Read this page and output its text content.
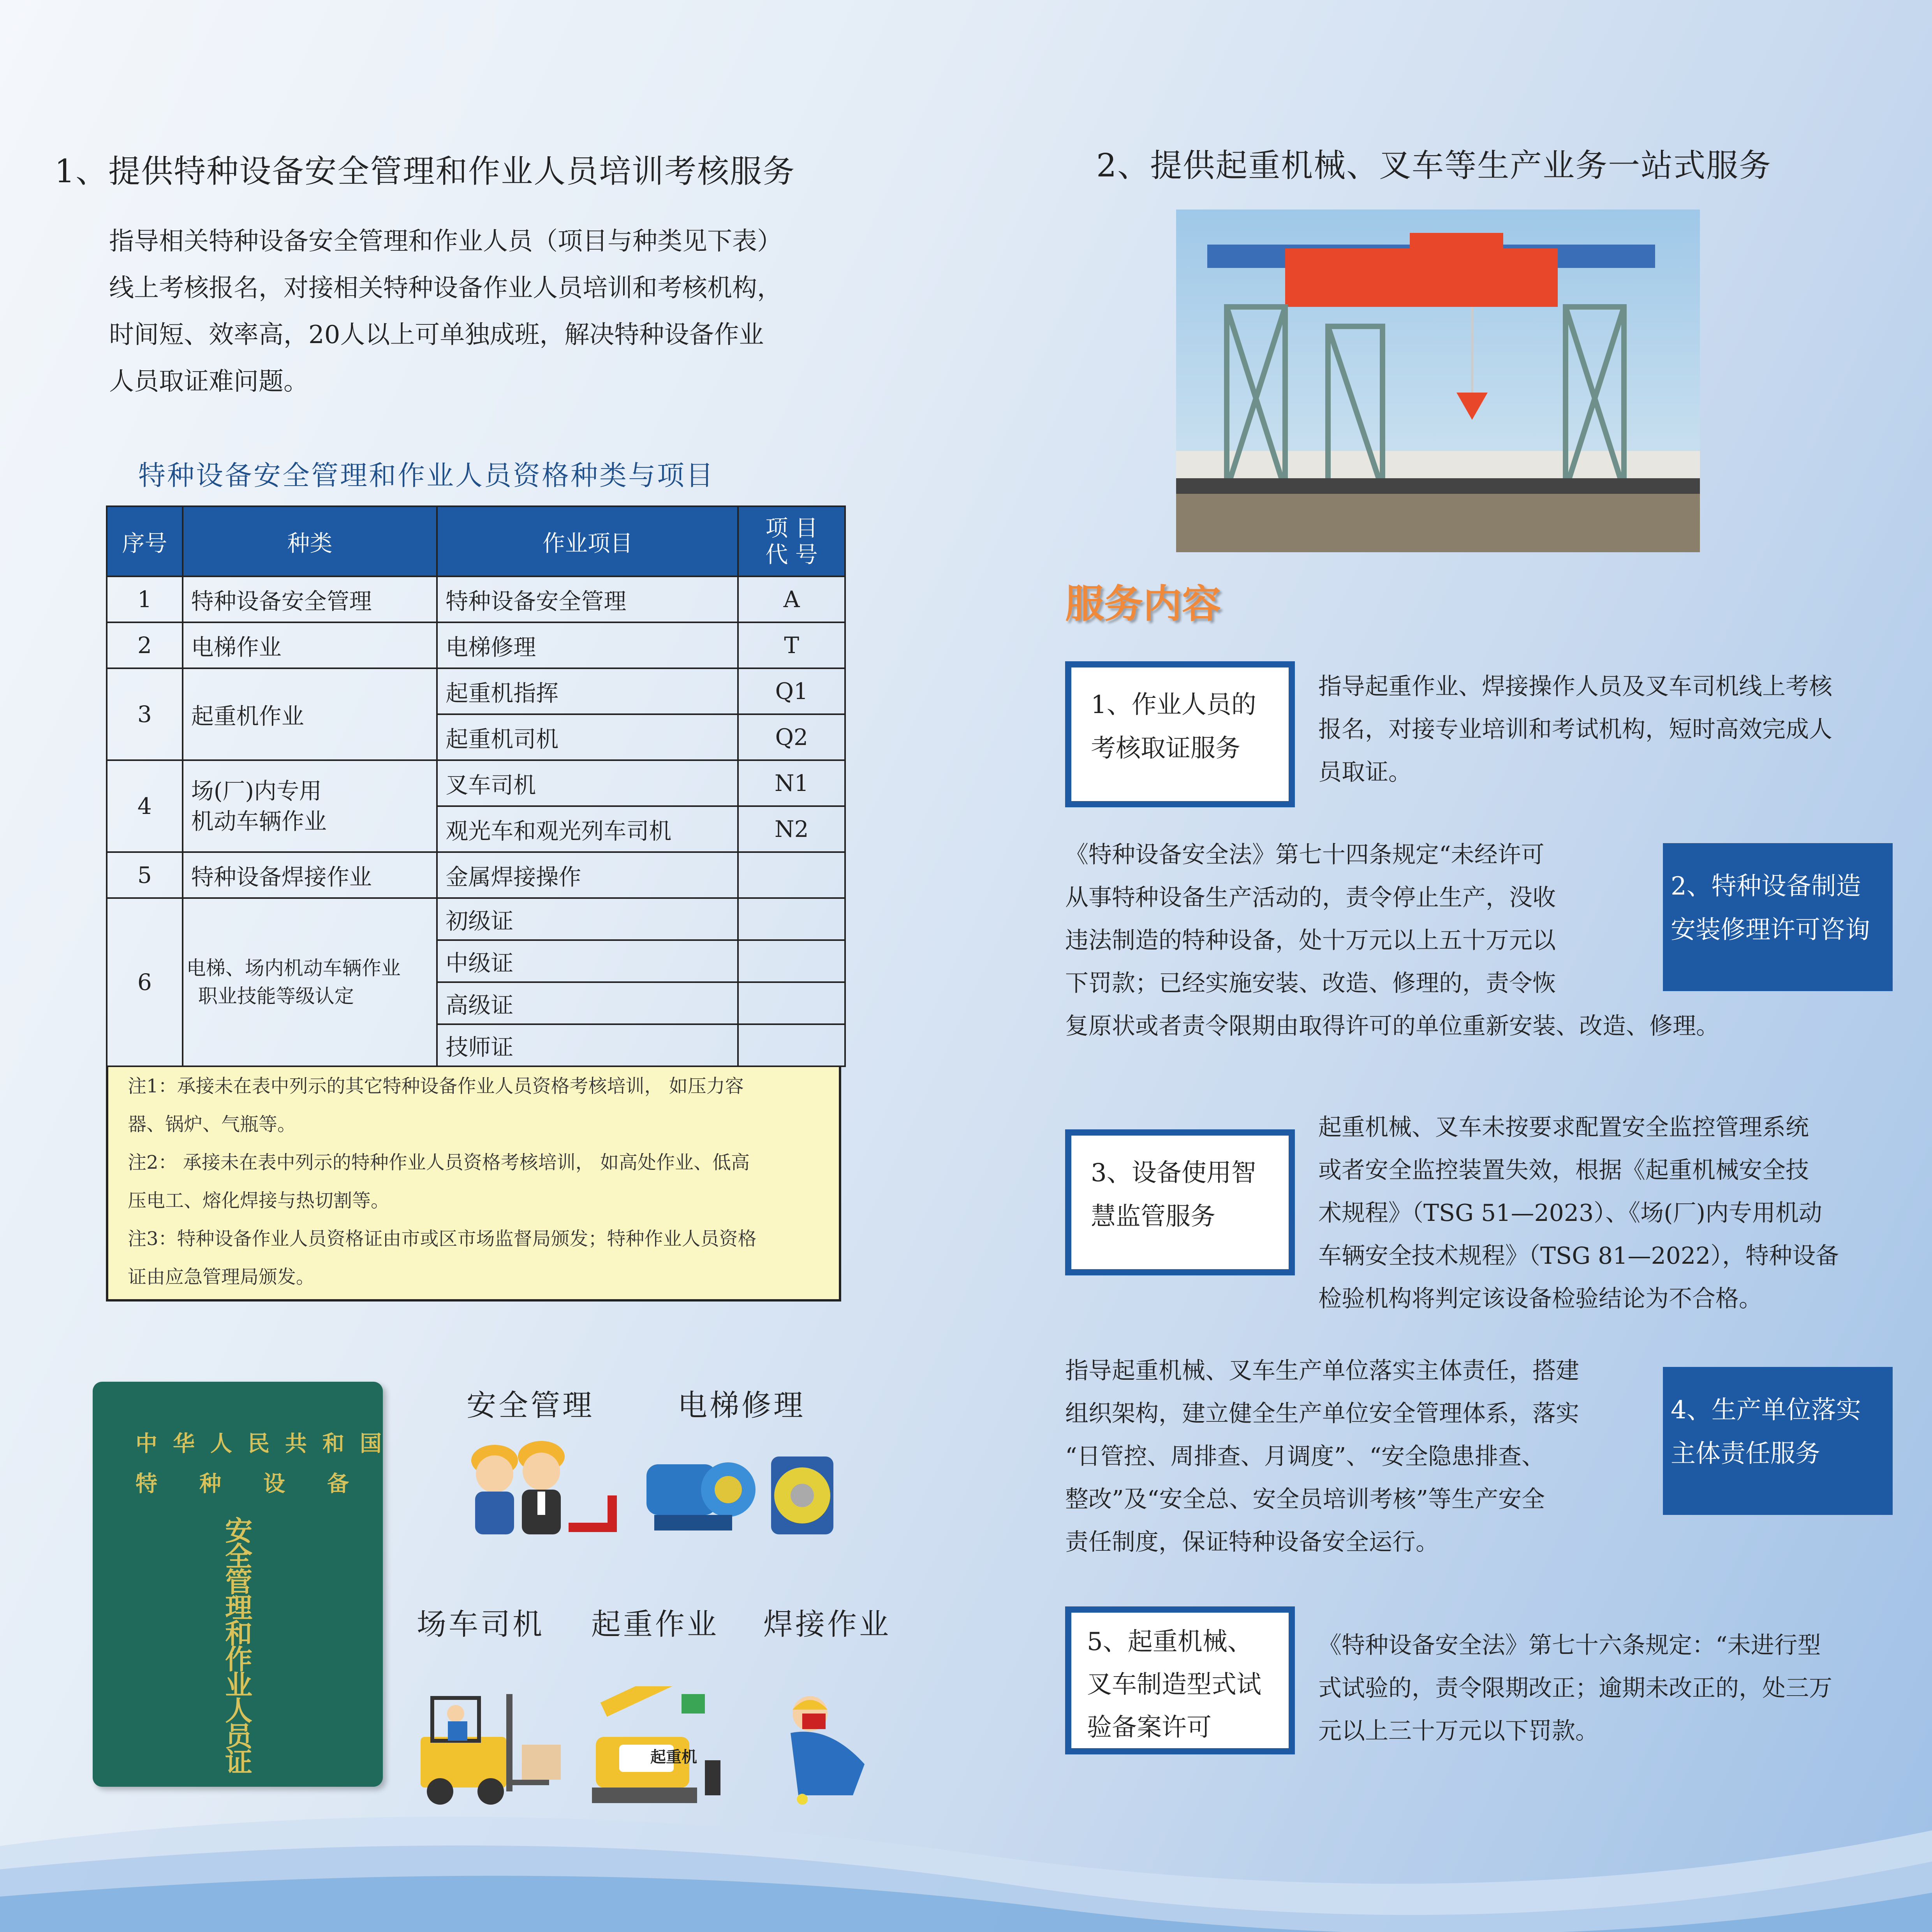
1、提供特种设备安全管理和作业人员培训考核服务
指导相关特种设备安全管理和作业人员（项目与种类见下表）
线上考核报名，对接相关特种设备作业人员培训和考核机构，
时间短、效率高，20人以上可单独成班，解决特种设备作业
人员取证难问题。
特种设备安全管理和作业人员资格种类与项目
序号	种类	作业项目	项 目
代 号

1	特种设备安全管理	特种设备安全管理	A
2	电梯作业	电梯修理	T
3	起重机作业	起重机指挥	Q1
		起重机司机	Q2
4	场(厂)内专用
机动车辆作业	叉车司机	N1
		观光车和观光列车司机	N2
5	特种设备焊接作业	金属焊接操作	
6	电梯、场内机动车辆作业
职业技能等级认定	初级证	
		中级证	
		高级证	
		技师证	
注1：承接未在表中列示的其它特种设备作业人员资格考核培训， 如压力容
器、锅炉、气瓶等。
注2： 承接未在表中列示的特种作业人员资格考核培训， 如高处作业、低高
压电工、熔化焊接与热切割等。
注3：特种设备作业人员资格证由市或区市场监督局颁发；特种作业人员资格
证由应急管理局颁发。
中华人民共和国
特种设备
安全管理和作业人员证
安全管理	电梯修理
场车司机 起重作业 焊接作业
起重机
2、提供起重机械、叉车等生产业务一站式服务
服务内容
1、作业人员的
考核取证服务
指导起重作业、焊接操作人员及叉车司机线上考核
报名，对接专业培训和考试机构，短时高效完成人
员取证。
《特种设备安全法》第七十四条规定“未经许可
从事特种设备生产活动的，责令停止生产，没收
违法制造的特种设备，处十万元以上五十万元以
下罚款；已经实施安装、改造、修理的，责令恢
复原状或者责令限期由取得许可的单位重新安装、改造、修理。
2、特种设备制造
安装修理许可咨询
3、设备使用智
慧监管服务
起重机械、叉车未按要求配置安全监控管理系统
或者安全监控装置失效，根据《起重机械安全技
术规程》（TSG 51—2023）、《场(厂)内专用机动
车辆安全技术规程》（TSG 81—2022），特种设备
检验机构将判定该设备检验结论为不合格。
指导起重机械、叉车生产单位落实主体责任，搭建
组织架构，建立健全生产单位安全管理体系，落实
“日管控、周排查、月调度”、“安全隐患排查、
整改”及“安全总、安全员培训考核”等生产安全
责任制度，保证特种设备安全运行。
4、生产单位落实
主体责任服务
5、起重机械、
叉车制造型式试
验备案许可
《特种设备安全法》第七十六条规定：“未进行型
式试验的，责令限期改正；逾期未改正的，处三万
元以上三十万元以下罚款。
